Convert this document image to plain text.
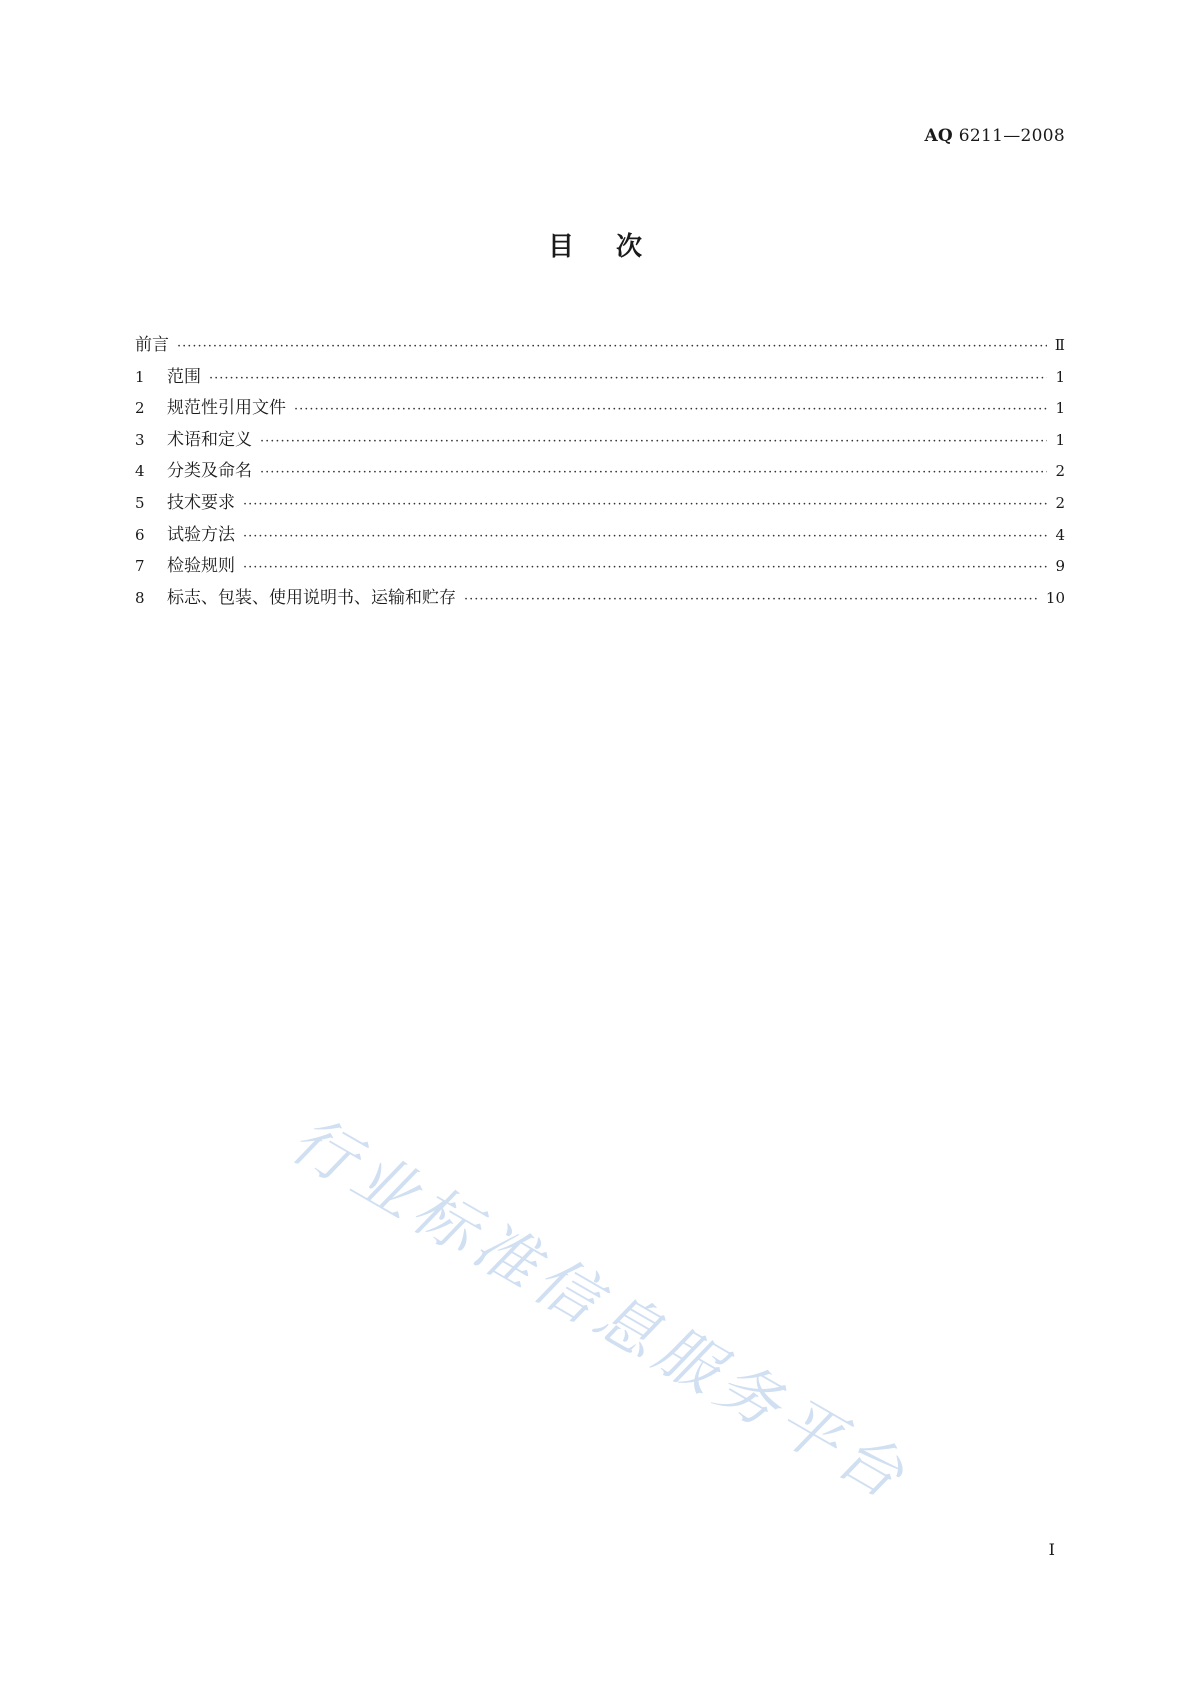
AQ 6211—2008
目次
前言 ·····	Ⅱ
1	范围 ·····	1
2	规范性引用文件 ·····	1
3	术语和定义 ·····	1
4	分类及命名 ·····	2
5	技术要求 ·····	2
6	试验方法 ·····	4
7	检验规则 ·····	9
8	标志、包装、使用说明书、运输和贮存 ·····	10
行业标准信息服务平台
I
